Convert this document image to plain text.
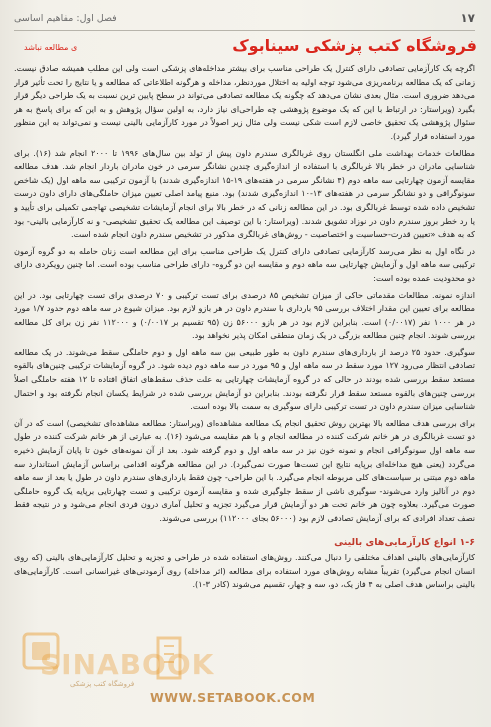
۱۷
فصل اول: مفاهیم اساسی
فروشگاه کتب پزشکی سینابوک
ی مطالعه نباشد

اگرچه یک کارآزمایی تصادفی دارای کنترل یک طراحی مناسب برای بیشتر مداخله‌های پزشکی است ولی این مطلب همیشه صادق نیست. زمانی که یک مطالعه برنامه‌ریزی می‌شود توجه اولیه به اختلال موردنظر، مداخله و هرگونه اطلاعاتی که مطالعه و یا نتایج را تحت تأثیر قرار می‌دهد ضروری است. مثال بعدی نشان می‌دهد که چگونه یک مطالعه تصادفی می‌تواند در سطح پایین ترین نسبت به یک طراحی دیگر قرار بگیرد (ویراستار: در ارتباط با این که یک موضوع پژوهشی چه طراحی‌ای نیاز دارد، به اولین سؤال پژوهش و به این که برای پاسخ به هر سئوال پژوهشی یک تحقیق خاصی لازم است شکی نیست ولی مثال زیر اصولاً در مورد کارآزمایی بالینی نیست و نمی‌تواند به این منظور مورد استفاده قرار گیرد).

مطالعات خدمات بهداشت ملی انگلستان روی غربالگری سندرم داون پیش از تولد بین سال‌های ۱۹۹۶ تا ۲۰۰۰ انجام شد (۱۶). برای شناسایی مادران در خطر بالا غربالگری با استفاده از اندازه‌گیری چندین نشانگر سرمی در خون مادران باردار انجام شد. هدف مطالعه مقایسه آزمون چهارتایی سه ماهه دوم (۴ نشانگر سرمی در هفته‌های ۱۹-۱۵ اندازه‌گیری شدند) با آزمون ترکیبی سه ماهه اول (یک شاخص سونوگرافی و دو نشانگر سرمی در هفته‌های ۱۳-۱۰ اندازه‌گیری شدند) بود. منبع پیامد اصلی تعیین میزان حاملگی‌های دارای داون درست تشخیص داده شده توسط غربالگری بود. در این مطالعه زنانی که در خطر بالا برای انجام آزمایشات تشخیصی تهاجمی تکمیلی برای تأیید و یا رد خطر بروز سندرم داون در نوزاد تشویق شدند. (ویراستار: با این توصیف این مطالعه یک تحقیق تشخیصی- و نه کارآزمایی بالینی- بود که به هدف «تعیین قدرت-حساسیت و اختصاصیت - روش‌های غربالگری مذکور در تشخیص سندرم داون انجام شده است.

در نگاه اول به نظر می‌رسد کارآزمایی تصادفی دارای کنترل یک طراحی مناسب برای این مطالعه است زنان حامله به دو گروه آزمون ترکیبی سه ماهه اول و آزمایش چهارتایی سه ماهه دوم و مقایسه این دو گروه- دارای طراحی مناسب بوده است. اما چنین رویکردی دارای دو محدودیت عمده بوده است:

اندازه نمونه. مطالعات مقدماتی حاکی از میزان تشخیص ۸۵ درصدی برای تست ترکیبی و ۷۰ درصدی برای تست چهارتایی بود. در این مطالعه برای تعیین این مقدار اختلاف بررسی ۹۵ بارداری با سندرم داون در هر بازو لازم بود. میزان شیوع در سه ماهه دوم حدود ۱/۷ مورد در هر ۱۰۰۰ نفر (۰/۰۰۱۷) است. بنابراین لازم بود در هر بازو ۵۶۰۰۰ زن (۹۵ تقسیم بر ۰/۰۰۱۷) و ۱۱۲۰۰۰ نفر زن برای کل مطالعه بررسی شوند. انجام چنین مطالعه بزرگی در یک زمان منطقی امکان پذیر نخواهد بود.

سوگیری. حدود ۲۵ درصد از بارداری‌های سندرم داون به طور طبیعی بین سه ماهه اول و دوم حاملگی سقط می‌شوند. در یک مطالعه تصادفی انتظار می‌رود ۱۲۷ مورد سقط در سه ماهه اول و ۹۵ مورد در سه ماهه دوم دیده شود. در گروه آزمایشات ترکیبی چنین‌های بالقوه مستعد سقط بررسی شده بودند در حالی که در گروه آزمایشات چهارتایی به علت حذف سقط‌های اتفاق افتاده تا ۱۲ هفته حاملگی اصلاً بررسی چنین‌های بالقوه مستعد سقط قرار نگرفته بودند. بنابراین دو آزمایش بررسی شده در شرایط یکسان انجام نگرفته بود و احتمال شناسایی میزان سندرم داون در تست ترکیبی دارای سوگیری به سمت بالا بوده است.

برای بررسی هدف مطالعه بالا بهترین روش تحقیق انجام یک مطالعه مشاهده‌ای (ویراستار: مطالعه مشاهده‌ای تشخیصی) است که در آن دو تست غربالگری در هر خانم شرکت کننده در مطالعه انجام و با هم مقایسه می‌شود (۱۶). به عبارتی از هر خانم شرکت کننده در طول سه ماهه اول سونوگرافی انجام و نمونه خون نیز در سه ماهه اول و دوم گرفته شود. بعد از آن نمونه‌های خون تا پایان آزمایش ذخیره می‌گردد (یعنی هیچ مداخله‌ای برپایه نتایج این تست‌ها صورت نمی‌گیرد). در این مطالعه هرگونه اقدامی براساس آزمایش استاندارد سه ماهه دوم مبتنی بر سیاست‌های کلی مربوطه انجام می‌گیرد. با این طراحی- چون فقط بارداری‌های سندرم داون در طول یا بعد از سه ماهه دوم در آنالیز وارد می‌شوند- سوگیری ناشی از سقط جلوگیری شده و مقایسه آزمون ترکیبی و تست چهارتایی برپایه یک گروه حاملگی صورت می‌گیرد. بعلاوه چون هر خانم تحت هر دو آزمایش قرار می‌گیرد تجزیه و تحلیل آماری درون فردی انجام می‌شود و در نتیجه فقط نصف تعداد افرادی که برای آزمایش تصادفی لازم بود (۵۶۰۰۰ بجای ۱۱۲۰۰۰) بررسی می‌شوند.

۱-۶ انواع کارآزمایی‌های بالینی

کارآزمایی‌های بالینی اهداف مختلفی را دنبال می‌کنند. روش‌های استفاده شده در طراحی و تجزیه و تحلیل کارآزمایی‌های بالینی (که روی انسان انجام می‌گیرد) تقریباً مشابه روش‌های مورد استفاده برای مطالعه (اثر مداخله) روی آزمودنی‌های غیرانسانی است. کارآزمایی‌های بالینی براساس هدف اصلی به ۴ فاز یک، دو، سه و چهار، تقسیم می‌شوند (کادر ۳-۱).

SINABOOK
فروشگاه کتب پزشکی
WWW.SETABOOK.COM
